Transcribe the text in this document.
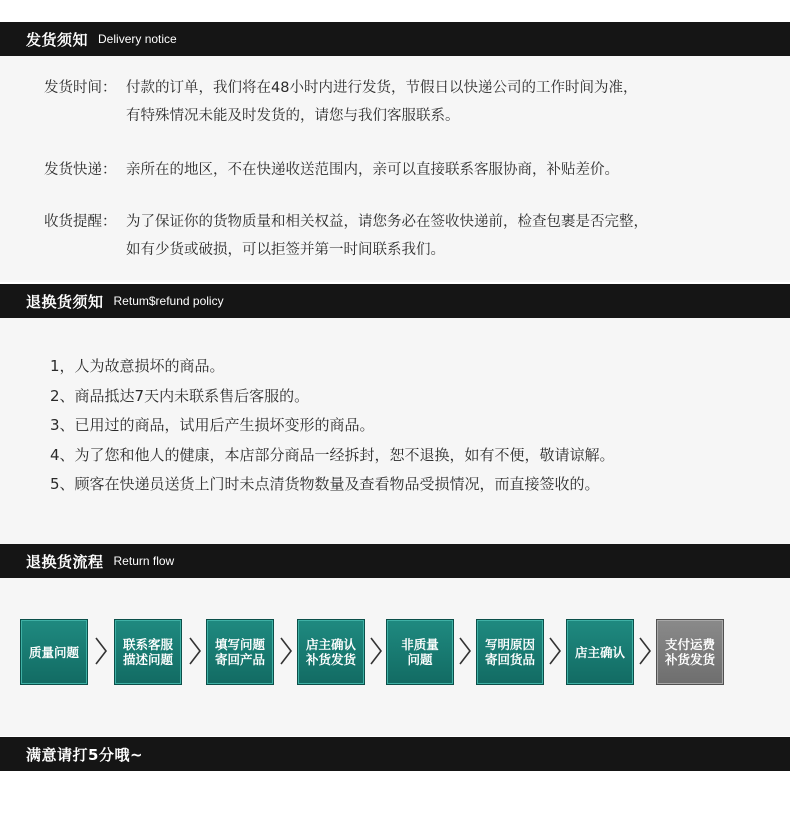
发货须知 Delivery notice
发货时间： 付款的订单，我们将在48小时内进行发货，节假日以快递公司的工作时间为准，
有特殊情况未能及时发货的，请您与我们客服联系。
发货快递： 亲所在的地区，不在快递收送范围内，亲可以直接联系客服协商，补贴差价。
收货提醒： 为了保证你的货物质量和相关权益，请您务必在签收快递前，检查包裹是否完整，
如有少货或破损，可以拒签并第一时间联系我们。
退换货须知 Retum$refund policy
1，人为故意损坏的商品。
2、商品抵达7天内未联系售后客服的。
3、已用过的商品，试用后产生损坏变形的商品。
4、为了您和他人的健康，本店部分商品一经拆封，恕不退换，如有不便，敬请谅解。
5、顾客在快递员送货上门时未点清货物数量及查看物品受损情况，而直接签收的。
退换货流程 Return flow
质量问题	联系客服
描述问题
填写问题
寄回产品
店主确认
补货发货
非质量
问题
写明原因
寄回货品	店主确认	支付运费
补货发货
满意请打5分哦~
